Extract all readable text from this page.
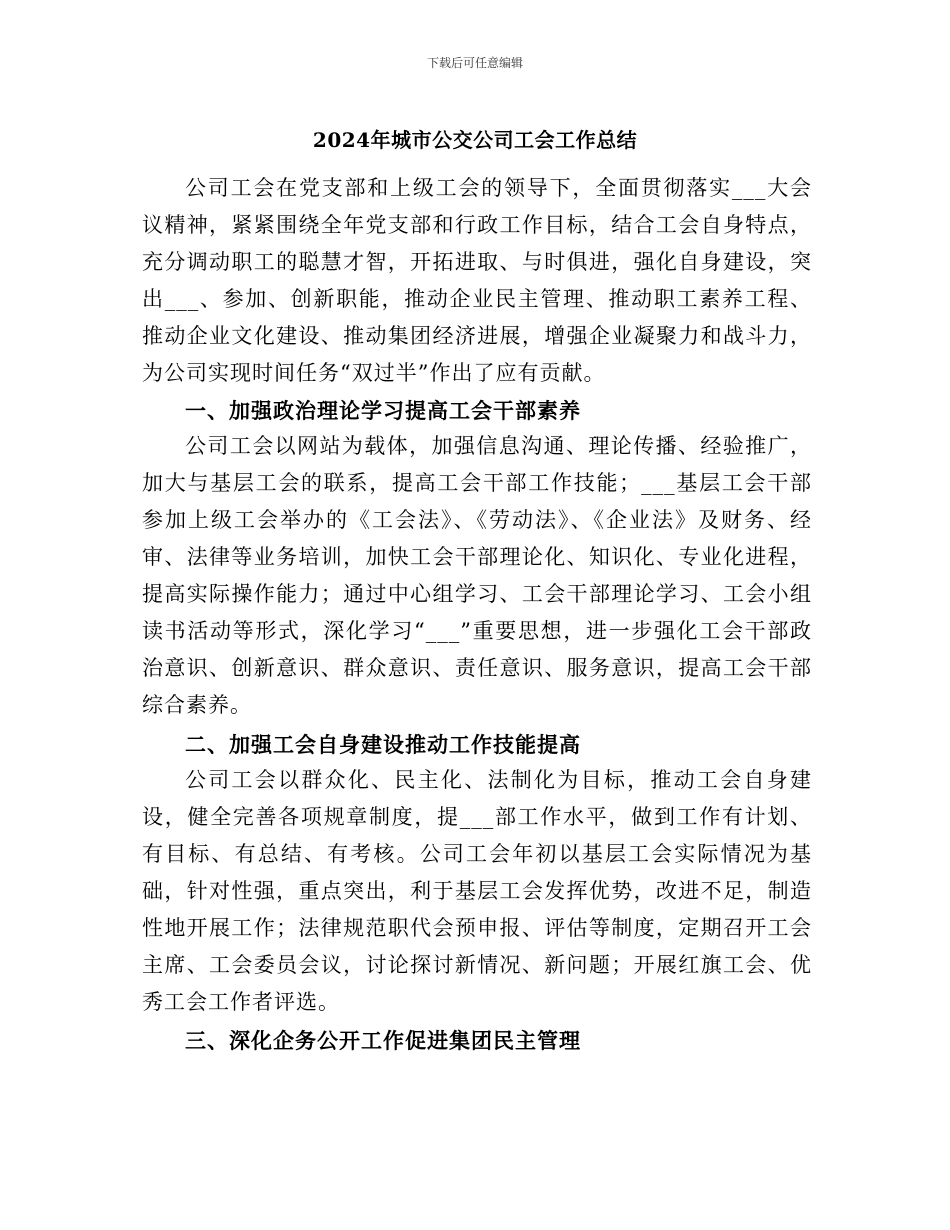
下载后可任意编辑
2024年城市公交公司工会工作总结

公司工会在党支部和上级工会的领导下，全面贯彻落实___大会议精神，紧紧围绕全年党支部和行政工作目标，结合工会自身特点，充分调动职工的聪慧才智，开拓进取、与时俱进，强化自身建设，突出___、参加、创新职能，推动企业民主管理、推动职工素养工程、推动企业文化建设、推动集团经济进展，增强企业凝聚力和战斗力，为公司实现时间任务“双过半”作出了应有贡献。

一、加强政治理论学习提高工会干部素养

公司工会以网站为载体，加强信息沟通、理论传播、经验推广，加大与基层工会的联系，提高工会干部工作技能；___基层工会干部参加上级工会举办的《工会法》、《劳动法》、《企业法》及财务、经审、法律等业务培训，加快工会干部理论化、知识化、专业化进程，提高实际操作能力；通过中心组学习、工会干部理论学习、工会小组读书活动等形式，深化学习“___”重要思想，进一步强化工会干部政治意识、创新意识、群众意识、责任意识、服务意识，提高工会干部综合素养。

二、加强工会自身建设推动工作技能提高

公司工会以群众化、民主化、法制化为目标，推动工会自身建设，健全完善各项规章制度，提___部工作水平，做到工作有计划、有目标、有总结、有考核。公司工会年初以基层工会实际情况为基础，针对性强，重点突出，利于基层工会发挥优势，改进不足，制造性地开展工作；法律规范职代会预申报、评估等制度，定期召开工会主席、工会委员会议，讨论探讨新情况、新问题；开展红旗工会、优秀工会工作者评选。

三、深化企务公开工作促进集团民主管理
